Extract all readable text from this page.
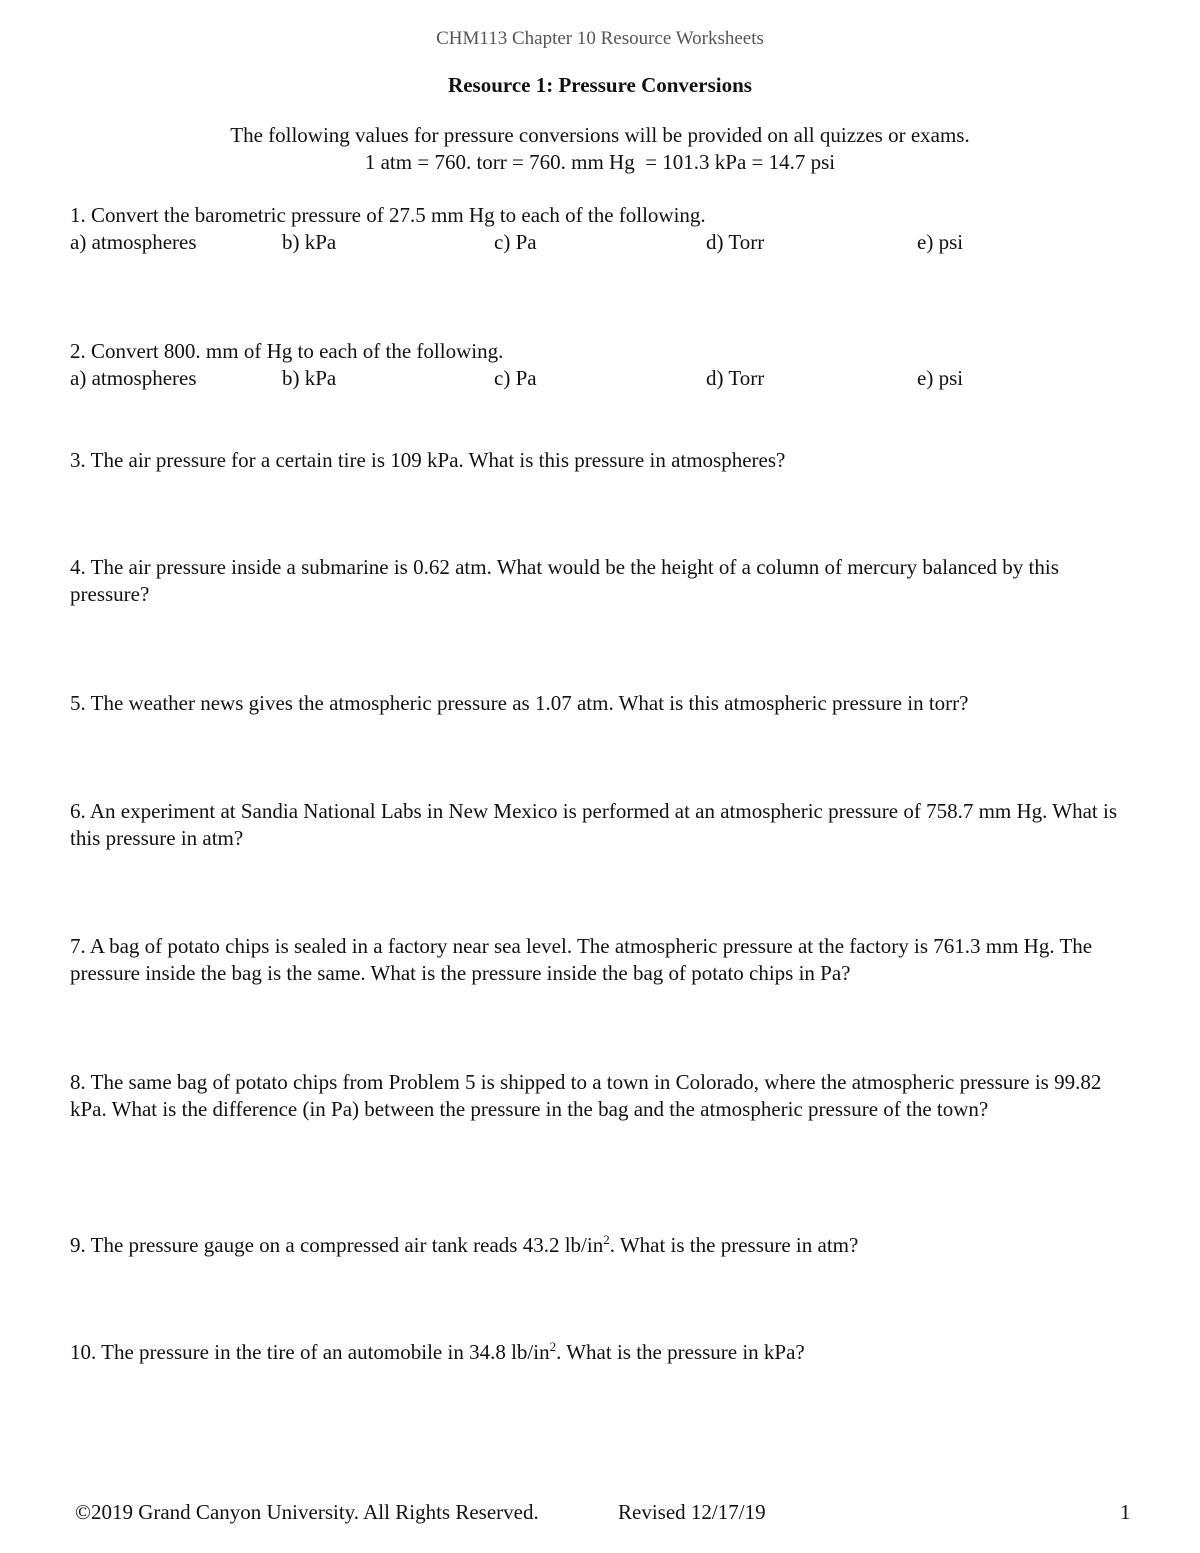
CHM113 Chapter 10 Resource Worksheets
Resource 1: Pressure Conversions
The following values for pressure conversions will be provided on all quizzes or exams.
1 atm = 760. torr = 760. mm Hg  = 101.3 kPa = 14.7 psi
1. Convert the barometric pressure of 27.5 mm Hg to each of the following.
a) atmospheres	b) kPa	c) Pa	d) Torr	e) psi
2. Convert 800. mm of Hg to each of the following.
a) atmospheres	b) kPa	c) Pa	d) Torr	e) psi
3. The air pressure for a certain tire is 109 kPa. What is this pressure in atmospheres?
4. The air pressure inside a submarine is 0.62 atm. What would be the height of a column of mercury balanced by this pressure?
5. The weather news gives the atmospheric pressure as 1.07 atm. What is this atmospheric pressure in torr?
6. An experiment at Sandia National Labs in New Mexico is performed at an atmospheric pressure of 758.7 mm Hg. What is this pressure in atm?
7. A bag of potato chips is sealed in a factory near sea level. The atmospheric pressure at the factory is 761.3 mm Hg. The pressure inside the bag is the same. What is the pressure inside the bag of potato chips in Pa?
8. The same bag of potato chips from Problem 5 is shipped to a town in Colorado, where the atmospheric pressure is 99.82 kPa. What is the difference (in Pa) between the pressure in the bag and the atmospheric pressure of the town?
9. The pressure gauge on a compressed air tank reads 43.2 $lb/in^2$. What is the pressure in atm?
10. The pressure in the tire of an automobile in 34.8 $lb/in^2$. What is the pressure in kPa?
©2019 Grand Canyon University. All Rights Reserved.	Revised 12/17/19	1
